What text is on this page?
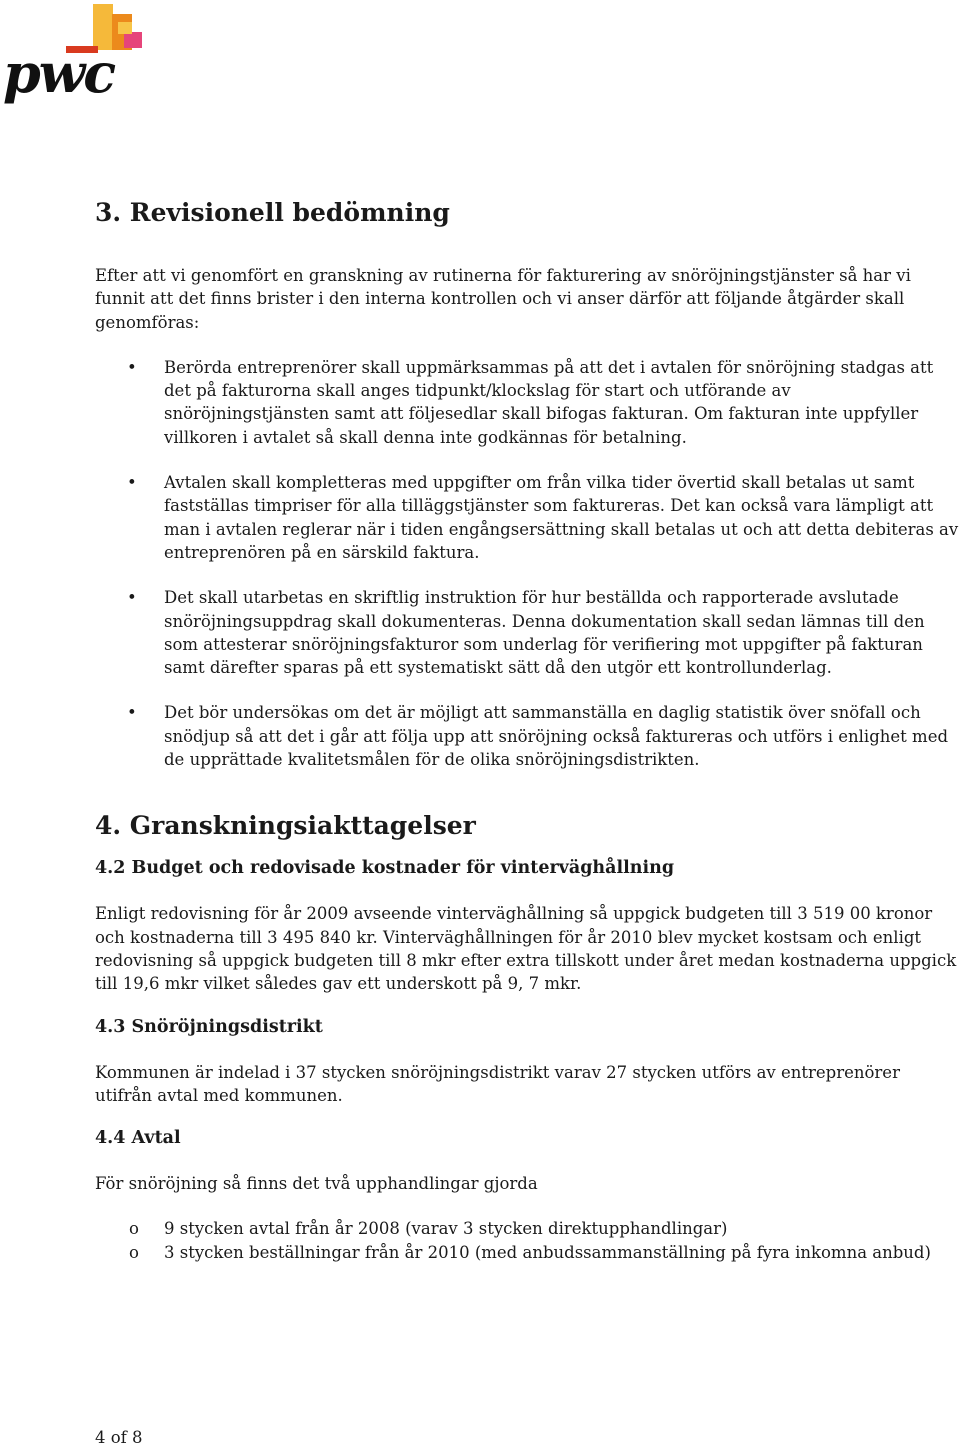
pwc
3. Revisionell bedömning

Efter att vi genomfört en granskning av rutinerna för fakturering av snöröjningstjänster så har vi funnit att det finns brister i den interna kontrollen och vi anser därför att följande åtgärder skall genomföras:

• Berörda entreprenörer skall uppmärksammas på att det i avtalen för snöröjning stadgas att det på fakturorna skall anges tidpunkt/klockslag för start och utförande av snöröjningstjänsten samt att följesedlar skall bifogas fakturan. Om fakturan inte uppfyller villkoren i avtalet så skall denna inte godkännas för betalning.
• Avtalen skall kompletteras med uppgifter om från vilka tider övertid skall betalas ut samt fastställas timpriser för alla tilläggstjänster som faktureras. Det kan också vara lämpligt att man i avtalen reglerar när i tiden engångsersättning skall betalas ut och att detta debiteras av entreprenören på en särskild faktura.
• Det skall utarbetas en skriftlig instruktion för hur beställda och rapporterade avslutade snöröjningsuppdrag skall dokumenteras. Denna dokumentation skall sedan lämnas till den som attesterar snöröjningsfakturor som underlag för verifiering mot uppgifter på fakturan samt därefter sparas på ett systematiskt sätt då den utgör ett kontrollunderlag.
• Det bör undersökas om det är möjligt att sammanställa en daglig statistik över snöfall och snödjup så att det i går att följa upp att snöröjning också faktureras och utförs i enlighet med de upprättade kvalitetsmålen för de olika snöröjningsdistrikten.
4. Granskningsiakttagelser
4.2 Budget och redovisade kostnader för vinterväghållning

Enligt redovisning för år 2009 avseende vinterväghållning så uppgick budgeten till 3 519 00 kronor och kostnaderna till 3 495 840 kr. Vinterväghållningen för år 2010 blev mycket kostsam och enligt redovisning så uppgick budgeten till 8 mkr efter extra tillskott under året medan kostnaderna uppgick till 19,6 mkr vilket således gav ett underskott på 9, 7 mkr.

4.3 Snöröjningsdistrikt

Kommunen är indelad i 37 stycken snöröjningsdistrikt varav 27 stycken utförs av entreprenörer utifrån avtal med kommunen.

4.4 Avtal

För snöröjning så finns det två upphandlingar gjorda

o 9 stycken avtal från år 2008 (varav 3 stycken direktupphandlingar)
o 3 stycken beställningar från år 2010 (med anbudssammanställning på fyra inkomna anbud)
4 of 8
